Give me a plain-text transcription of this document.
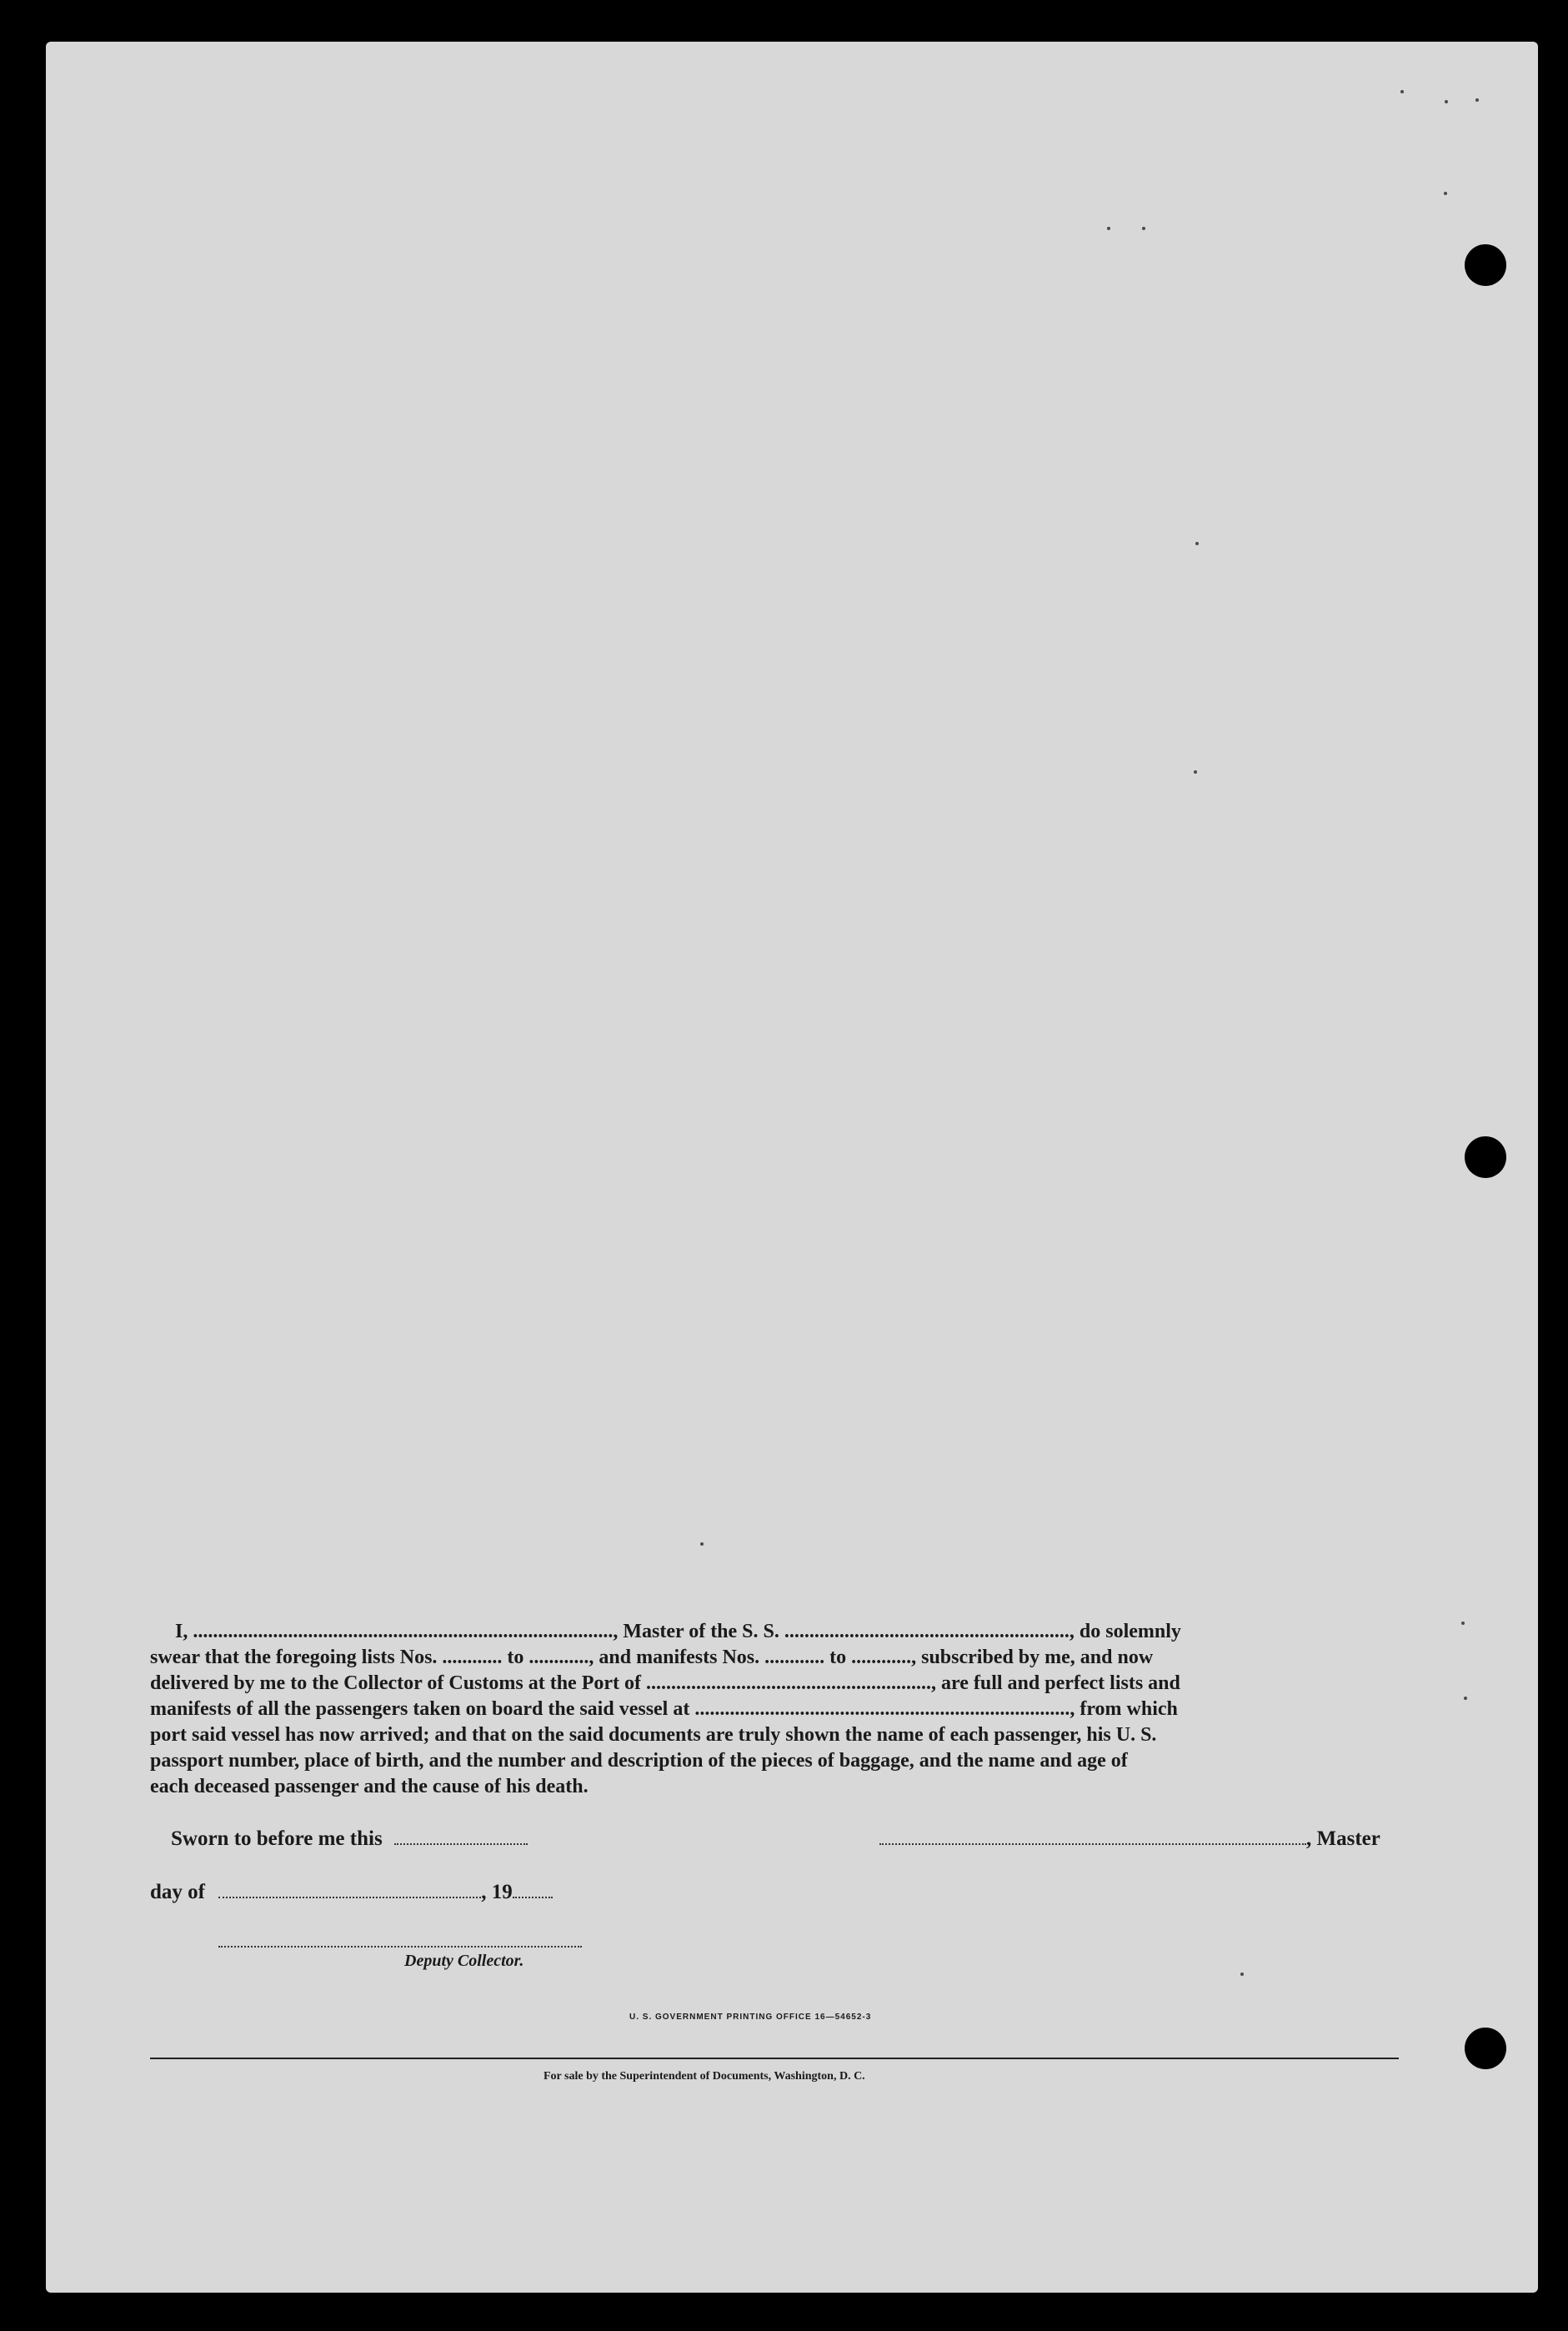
I, ...................................................................................., Master of the S. S. ........................................................., do solemnly
swear that the foregoing lists Nos. ............ to ............, and manifests Nos. ............ to ............, subscribed by me, and now
delivered by me to the Collector of Customs at the Port of ........................................................., are full and perfect lists and
manifests of all the passengers taken on board the said vessel at ..........................................................................., from which
port said vessel has now arrived; and that on the said documents are truly shown the name of each passenger, his U. S.
passport number, place of birth, and the number and description of the pieces of baggage, and the name and age of
each deceased passenger and the cause of his death.
Sworn to before me this	, Master
day of	, 19
Deputy Collector.
U. S. GOVERNMENT PRINTING OFFICE 16—54652-3
For sale by the Superintendent of Documents, Washington, D. C.
